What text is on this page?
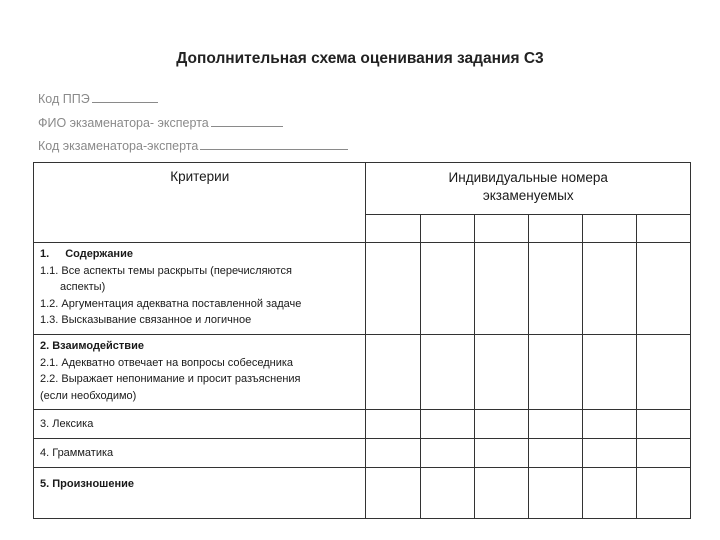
Дополнительная схема оценивания задания С3
Код ППЭ
ФИО экзаменатора- эксперта
Код экзаменатора-эксперта
Критерии	Индивидуальные номера
экзаменуемых					

1. Содержание
1.1. Все аспекты темы раскрыты (перечисляются
аспекты)
1.2. Аргументация адекватна поставленной задаче
1.3. Высказывание связанное и логичное						

2. Взаимодействие
2.1. Адекватно отвечает на вопросы собеседника
2.2. Выражает непонимание и просит разъяснения
(если необходимо)						

3. Лексика						
4. Грамматика						

5. Произношение						
